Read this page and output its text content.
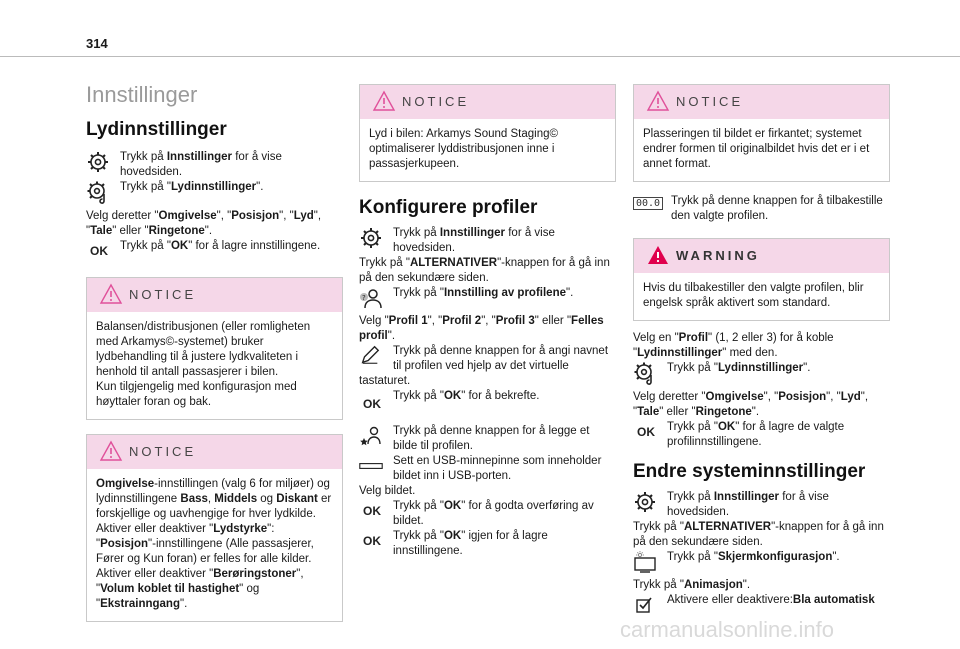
314
Innstillinger
Lydinnstillinger
Trykk på Innstillinger for å vise hovedsiden.
Trykk på "Lydinnstillinger".
Velg deretter "Omgivelse", "Posisjon", "Lyd", "Tale" eller "Ringetone".
OK Trykk på "OK" for å lagre innstillingene.
NOTICE
Balansen/distribusjonen (eller romligheten med Arkamys©-systemet) bruker lydbehandling til å justere lydkvaliteten i henhold til antall passasjerer i bilen.
Kun tilgjengelig med konfigurasjon med høyttaler foran og bak.
NOTICE
Omgivelse-innstillingen (valg 6 for miljøer) og lydinnstillingene Bass, Middels og Diskant er forskjellige og uavhengige for hver lydkilde.
Aktiver eller deaktiver "Lydstyrke":
"Posisjon"-innstillingene (Alle passasjerer, Fører og Kun foran) er felles for alle kilder.
Aktiver eller deaktiver "Berøringstoner", "Volum koblet til hastighet" og "Ekstrainngang".
NOTICE
Lyd i bilen: Arkamys Sound Staging© optimaliserer lyddistribusjonen inne i passasjerkupeen.
Konfigurere profiler
Trykk på Innstillinger for å vise hovedsiden.
Trykk på "ALTERNATIVER"-knappen for å gå inn på den sekundære siden.
? Trykk på "Innstilling av profilene".
Velg "Profil 1", "Profil 2", "Profil 3" eller "Felles profil".
Trykk på denne knappen for å angi navnet til profilen ved hjelp av det virtuelle tastaturet.
OK
Trykk på "OK" for å bekrefte.
Trykk på denne knappen for å legge et bilde til profilen.
Sett en USB-minnepinne som inneholder bildet inn i USB-porten.
Velg bildet.
OK Trykk på "OK" for å godta overføring av bildet.
OK Trykk på "OK" igjen for å lagre innstillingene.
NOTICE
Plasseringen til bildet er firkantet; systemet endrer formen til originalbildet hvis det er i et annet format.
00.0 Trykk på denne knappen for å tilbakestille den valgte profilen.
WARNING
Hvis du tilbakestiller den valgte profilen, blir engelsk språk aktivert som standard.
Velg en "Profil" (1, 2 eller 3) for å koble "Lydinnstillinger" med den.
Trykk på "Lydinnstillinger".
Velg deretter "Omgivelse", "Posisjon", "Lyd", "Tale" eller "Ringetone".
OK Trykk på "OK" for å lagre de valgte profilinnstillingene.
Endre systeminnstillinger
Trykk på Innstillinger for å vise hovedsiden.
Trykk på "ALTERNATIVER"-knappen for å gå inn på den sekundære siden.
Trykk på "Skjermkonfigurasjon".
Trykk på "Animasjon".
Aktivere eller deaktivere:Bla automatisk
carmanualsonline.info
